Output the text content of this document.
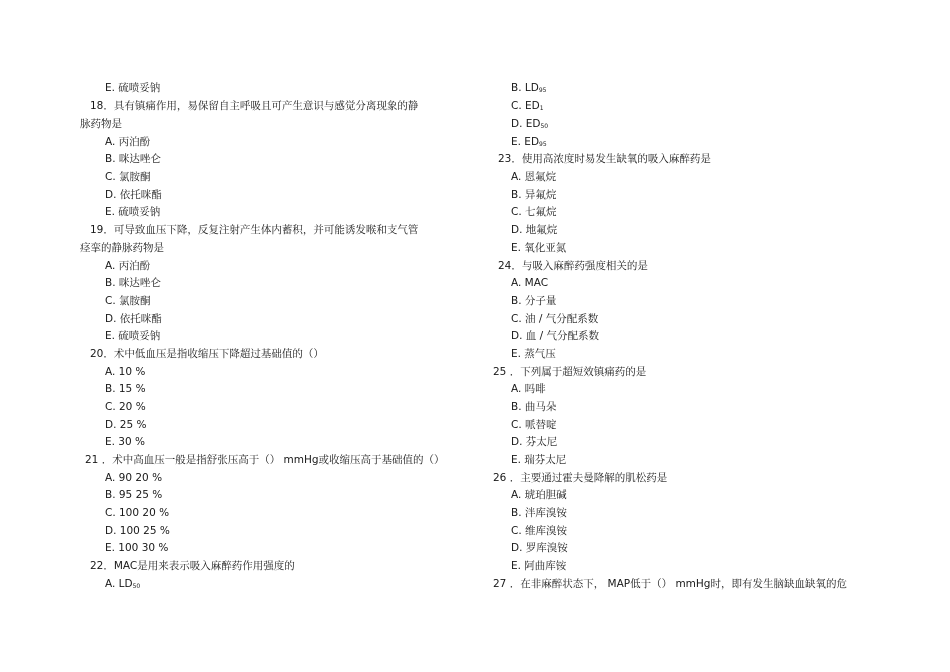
E. 硫喷妥钠
18．具有镇痛作用，易保留自主呼吸且可产生意识与感觉分离现象的静
脉药物是
A. 丙泊酚
B. 咪达唑仑
C. 氯胺酮
D. 依托咪酯
E. 硫喷妥钠
19．可导致血压下降，反复注射产生体内蓄积，并可能诱发喉和支气管
痉挛的静脉药物是
A. 丙泊酚
B. 咪达唑仑
C. 氯胺酮
D. 依托咪酯
E. 硫喷妥钠
20．术中低血压是指收缩压下降超过基础值的（）
A. 10 %
B. 15 %
C. 20 %
D. 25 %
E. 30 %
21 ．术中高血压一般是指舒张压高于（） mmHg或收缩压高于基础值的（）
A. 90 20 %
B. 95 25 %
C. 100 20 %
D. 100 25 %
E. 100 30 %
22．MAC是用来表示吸入麻醉药作用强度的
A. LD50
B. LD95
C. ED1
D. ED50
E. ED95
23．使用高浓度时易发生缺氧的吸入麻醉药是
A. 恩氟烷
B. 异氟烷
C. 七氟烷
D. 地氟烷
E. 氧化亚氮
24．与吸入麻醉药强度相关的是
A. MAC
B. 分子量
C. 油 / 气分配系数
D. 血 / 气分配系数
E. 蒸气压
25 ．下列属于超短效镇痛药的是
A. 吗啡
B. 曲马朵
C. 哌替啶
D. 芬太尼
E. 瑞芬太尼
26 ．主要通过霍夫曼降解的肌松药是
A. 琥珀胆碱
B. 泮库溴铵
C. 维库溴铵
D. 罗库溴铵
E. 阿曲库铵
27 ．在非麻醉状态下， MAP低于（） mmHg时，即有发生脑缺血缺氧的危
